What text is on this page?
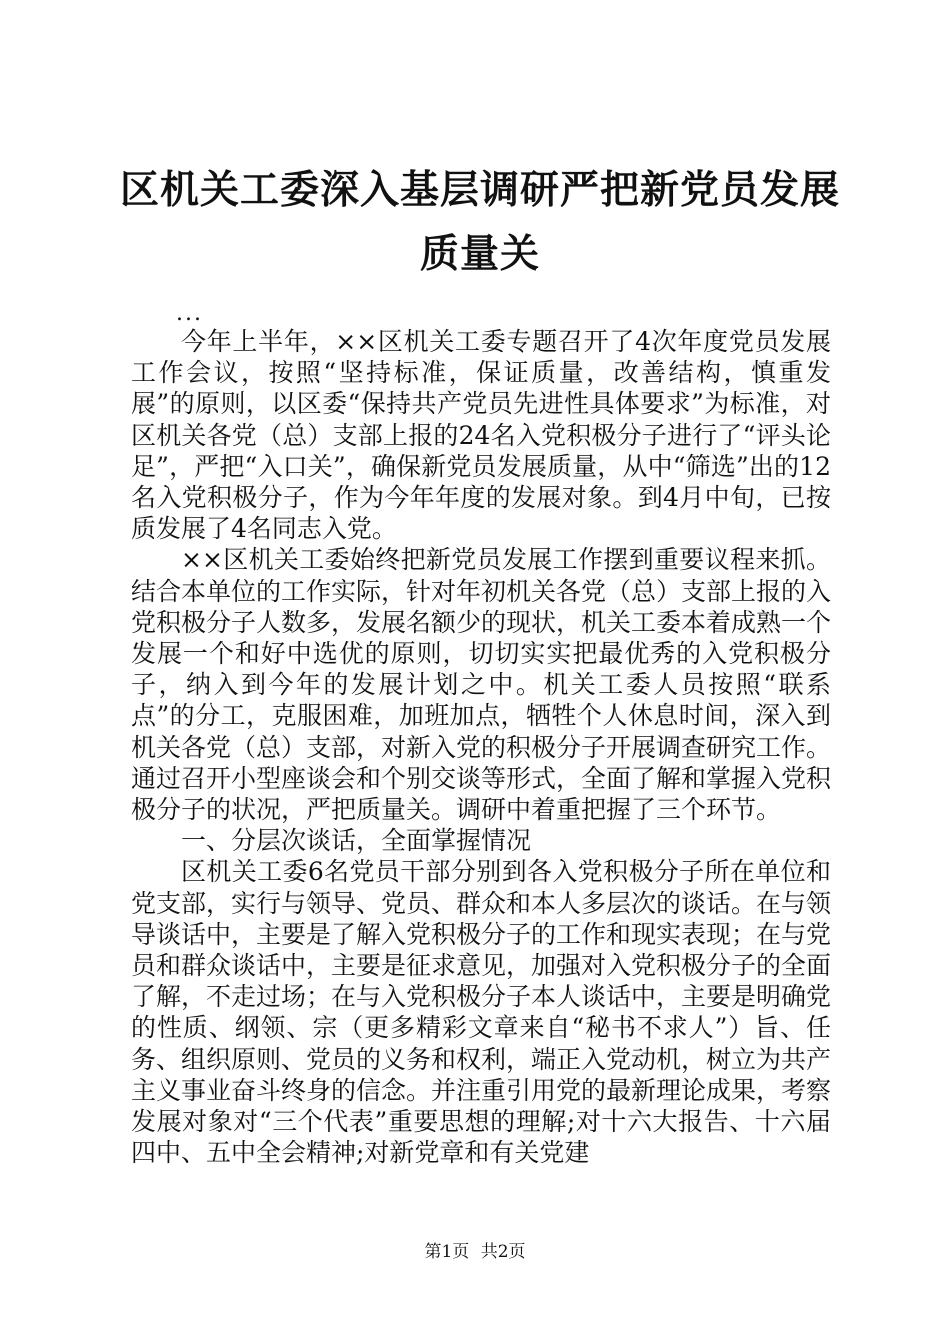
区机关工委深入基层调研严把新党员发展质量关
...

今年上半年，××区机关工委专题召开了4次年度党员发展工作会议，按照“坚持标准，保证质量，改善结构，慎重发展”的原则，以区委“保持共产党员先进性具体要求”为标准，对区机关各党（总）支部上报的24名入党积极分子进行了“评头论足”，严把“入口关”，确保新党员发展质量，从中“筛选”出的12名入党积极分子，作为今年年度的发展对象。到4月中旬，已按质发展了4名同志入党。

××区机关工委始终把新党员发展工作摆到重要议程来抓。结合本单位的工作实际，针对年初机关各党（总）支部上报的入党积极分子人数多，发展名额少的现状，机关工委本着成熟一个发展一个和好中选优的原则，切切实实把最优秀的入党积极分子，纳入到今年的发展计划之中。机关工委人员按照“联系点”的分工，克服困难，加班加点，牺牲个人休息时间，深入到机关各党（总）支部，对新入党的积极分子开展调查研究工作。通过召开小型座谈会和个别交谈等形式，全面了解和掌握入党积极分子的状况，严把质量关。调研中着重把握了三个环节。

一、分层次谈话，全面掌握情况

区机关工委6名党员干部分别到各入党积极分子所在单位和党支部，实行与领导、党员、群众和本人多层次的谈话。在与领导谈话中，主要是了解入党积极分子的工作和现实表现；在与党员和群众谈话中，主要是征求意见，加强对入党积极分子的全面了解，不走过场；在与入党积极分子本人谈话中，主要是明确党的性质、纲领、宗（更多精彩文章来自“秘书不求人”）旨、任务、组织原则、党员的义务和权利，端正入党动机，树立为共产主义事业奋斗终身的信念。并注重引用党的最新理论成果，考察发展对象对“三个代表”重要思想的理解;对十六大报告、十六届四中、五中全会精神;对新党章和有关党建

第1页 共2页
